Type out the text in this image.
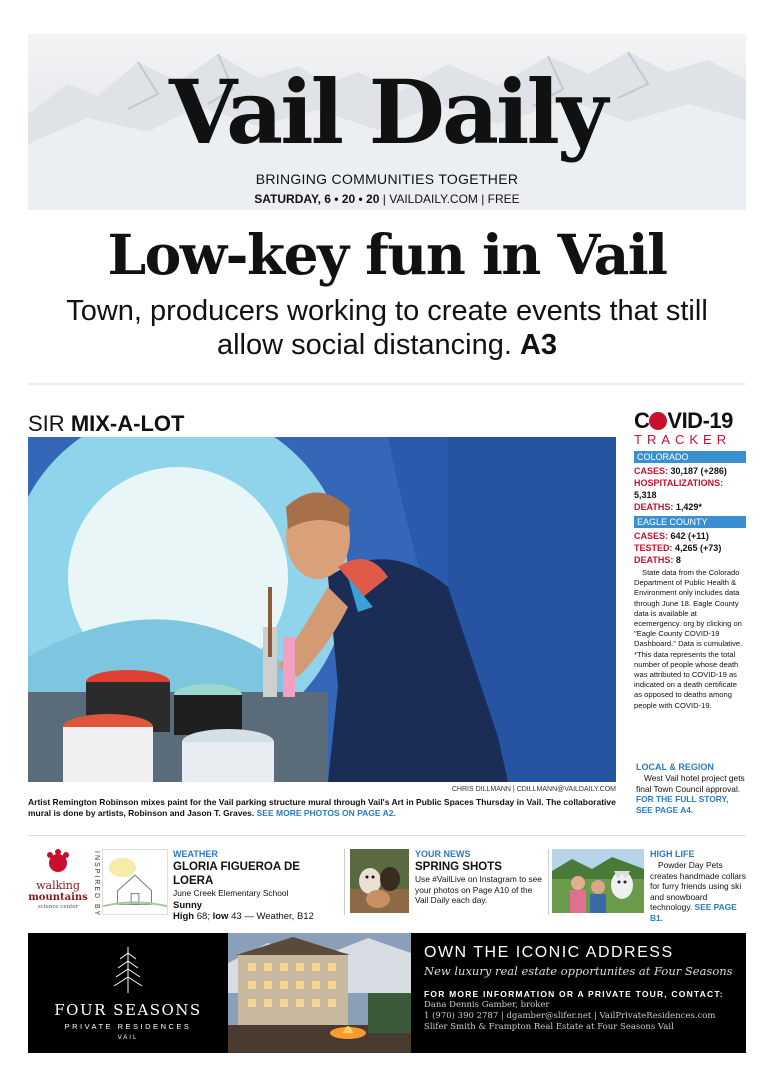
Vail Daily
BRINGING COMMUNITIES TOGETHER
SATURDAY, 6 • 20 • 20 | VAILDAILY.COM | FREE
Low-key fun in Vail
Town, producers working to create events that still allow social distancing. A3
SIR MIX-A-LOT
CHRIS DILLMANN | CDILLMANN@VAILDAILY.COM
Artist Remington Robinson mixes paint for the Vail parking structure mural through Vail's Art in Public Spaces Thursday in Vail. The collaborative mural is done by artists, Robinson and Jason T. Graves. SEE MORE PHOTOS ON PAGE A2.
C VID-19
TRACKER
COLORADO
CASES: 30,187 (+286)
HOSPITALIZATIONS: 5,318
DEATHS: 1,429*
EAGLE COUNTY
CASES: 642 (+11)
TESTED: 4,265 (+73)
DEATHS: 8
State data from the Colorado Department of Public Health & Environment only includes data through June 18. Eagle County data is available at ecemergency. org by clicking on "Eagle County COVID-19 Dashboard." Data is cumulative. *This data represents the total number of people whose death was attributed to COVID-19 as indicated on a death certificate as opposed to deaths among people with COVID-19.
LOCAL & REGION
West Vail hotel project gets final Town Council approval. FOR THE FULL STORY, SEE PAGE A4.
walking
mountains
science center	INSPIRED BY	WEATHER
GLORIA FIGUEROA DE LOERA
June Creek Elementary School
Sunny
High 68; low 43 — Weather, B12
YOUR NEWS
SPRING SHOTS
Use #VailLive on Instagram to see your photos on Page A10 of the Vail Daily each day.
HIGH LIFE
Powder Day Pets creates handmade collars for furry friends using ski and snowboard technology. SEE PAGE B1.
FOUR SEASONS
PRIVATE RESIDENCES
VAIL
OWN THE ICONIC ADDRESS
New luxury real estate opportunites at Four Seasons
FOR MORE INFORMATION OR A PRIVATE TOUR, CONTACT:
Dana Dennis Gamber, broker
1 (970) 390 2787 | dgamber@slifer.net | VailPrivateResidences.com
Slifer Smith & Frampton Real Estate at Four Seasons Vail
